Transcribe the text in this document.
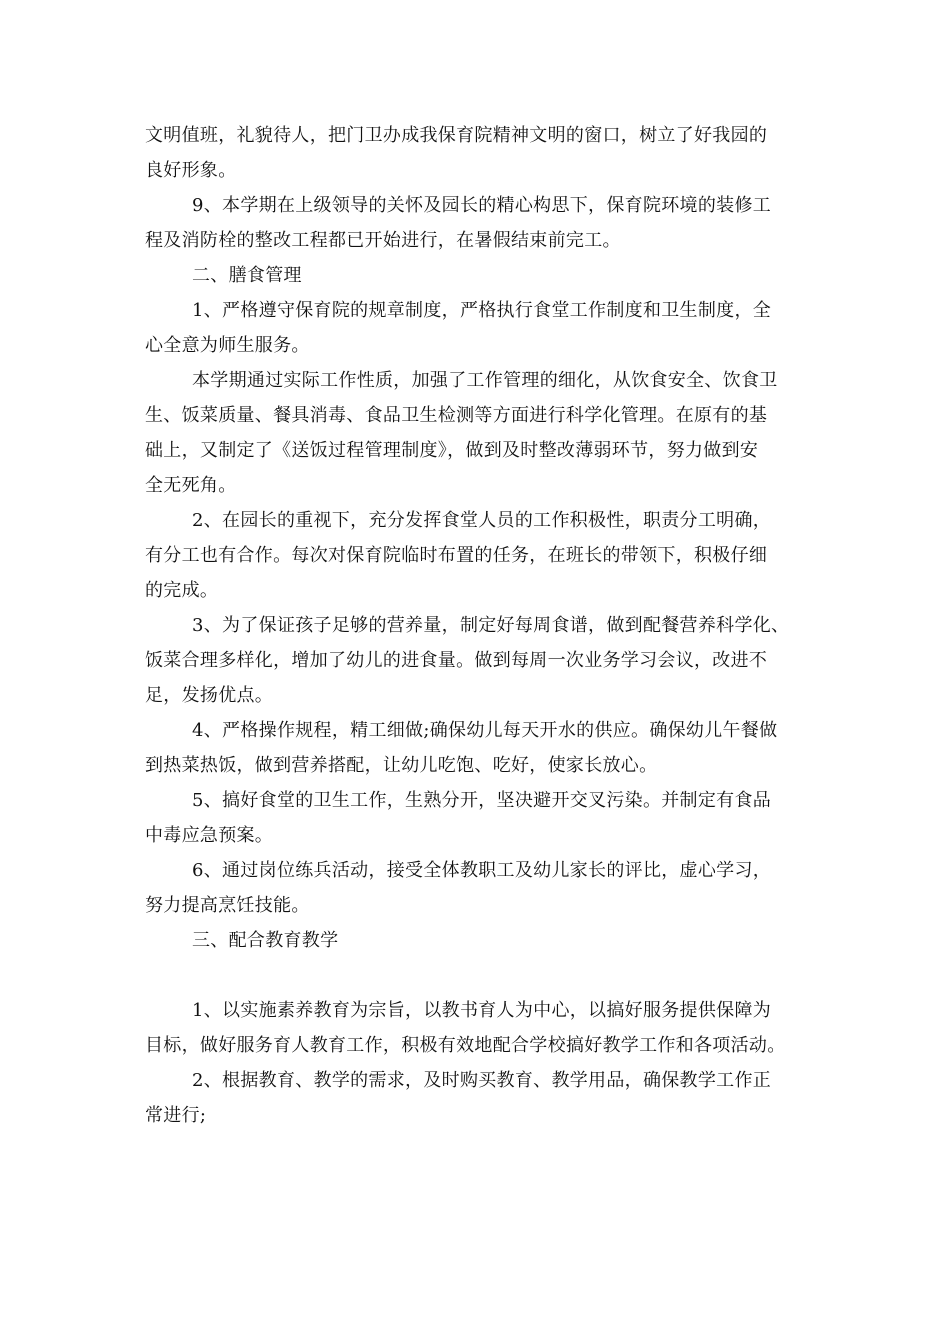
文明值班，礼貌待人，把门卫办成我保育院精神文明的窗口，树立了好我园的
良好形象。
9、本学期在上级领导的关怀及园长的精心构思下，保育院环境的装修工
程及消防栓的整改工程都已开始进行，在暑假结束前完工。
二、膳食管理
1、严格遵守保育院的规章制度，严格执行食堂工作制度和卫生制度，全
心全意为师生服务。
本学期通过实际工作性质，加强了工作管理的细化，从饮食安全、饮食卫
生、饭菜质量、餐具消毒、食品卫生检测等方面进行科学化管理。在原有的基
础上，又制定了《送饭过程管理制度》，做到及时整改薄弱环节，努力做到安
全无死角。
2、在园长的重视下，充分发挥食堂人员的工作积极性，职责分工明确，
有分工也有合作。每次对保育院临时布置的任务，在班长的带领下，积极仔细
的完成。
3、为了保证孩子足够的营养量，制定好每周食谱，做到配餐营养科学化、
饭菜合理多样化，增加了幼儿的进食量。做到每周一次业务学习会议，改进不
足，发扬优点。
4、严格操作规程，精工细做;确保幼儿每天开水的供应。确保幼儿午餐做
到热菜热饭，做到营养搭配，让幼儿吃饱、吃好，使家长放心。
5、搞好食堂的卫生工作，生熟分开，坚决避开交叉污染。并制定有食品
中毒应急预案。
6、通过岗位练兵活动，接受全体教职工及幼儿家长的评比，虚心学习，
努力提高烹饪技能。
三、配合教育教学
1、以实施素养教育为宗旨，以教书育人为中心，以搞好服务提供保障为
目标，做好服务育人教育工作，积极有效地配合学校搞好教学工作和各项活动。
2、根据教育、教学的需求，及时购买教育、教学用品，确保教学工作正
常进行;
